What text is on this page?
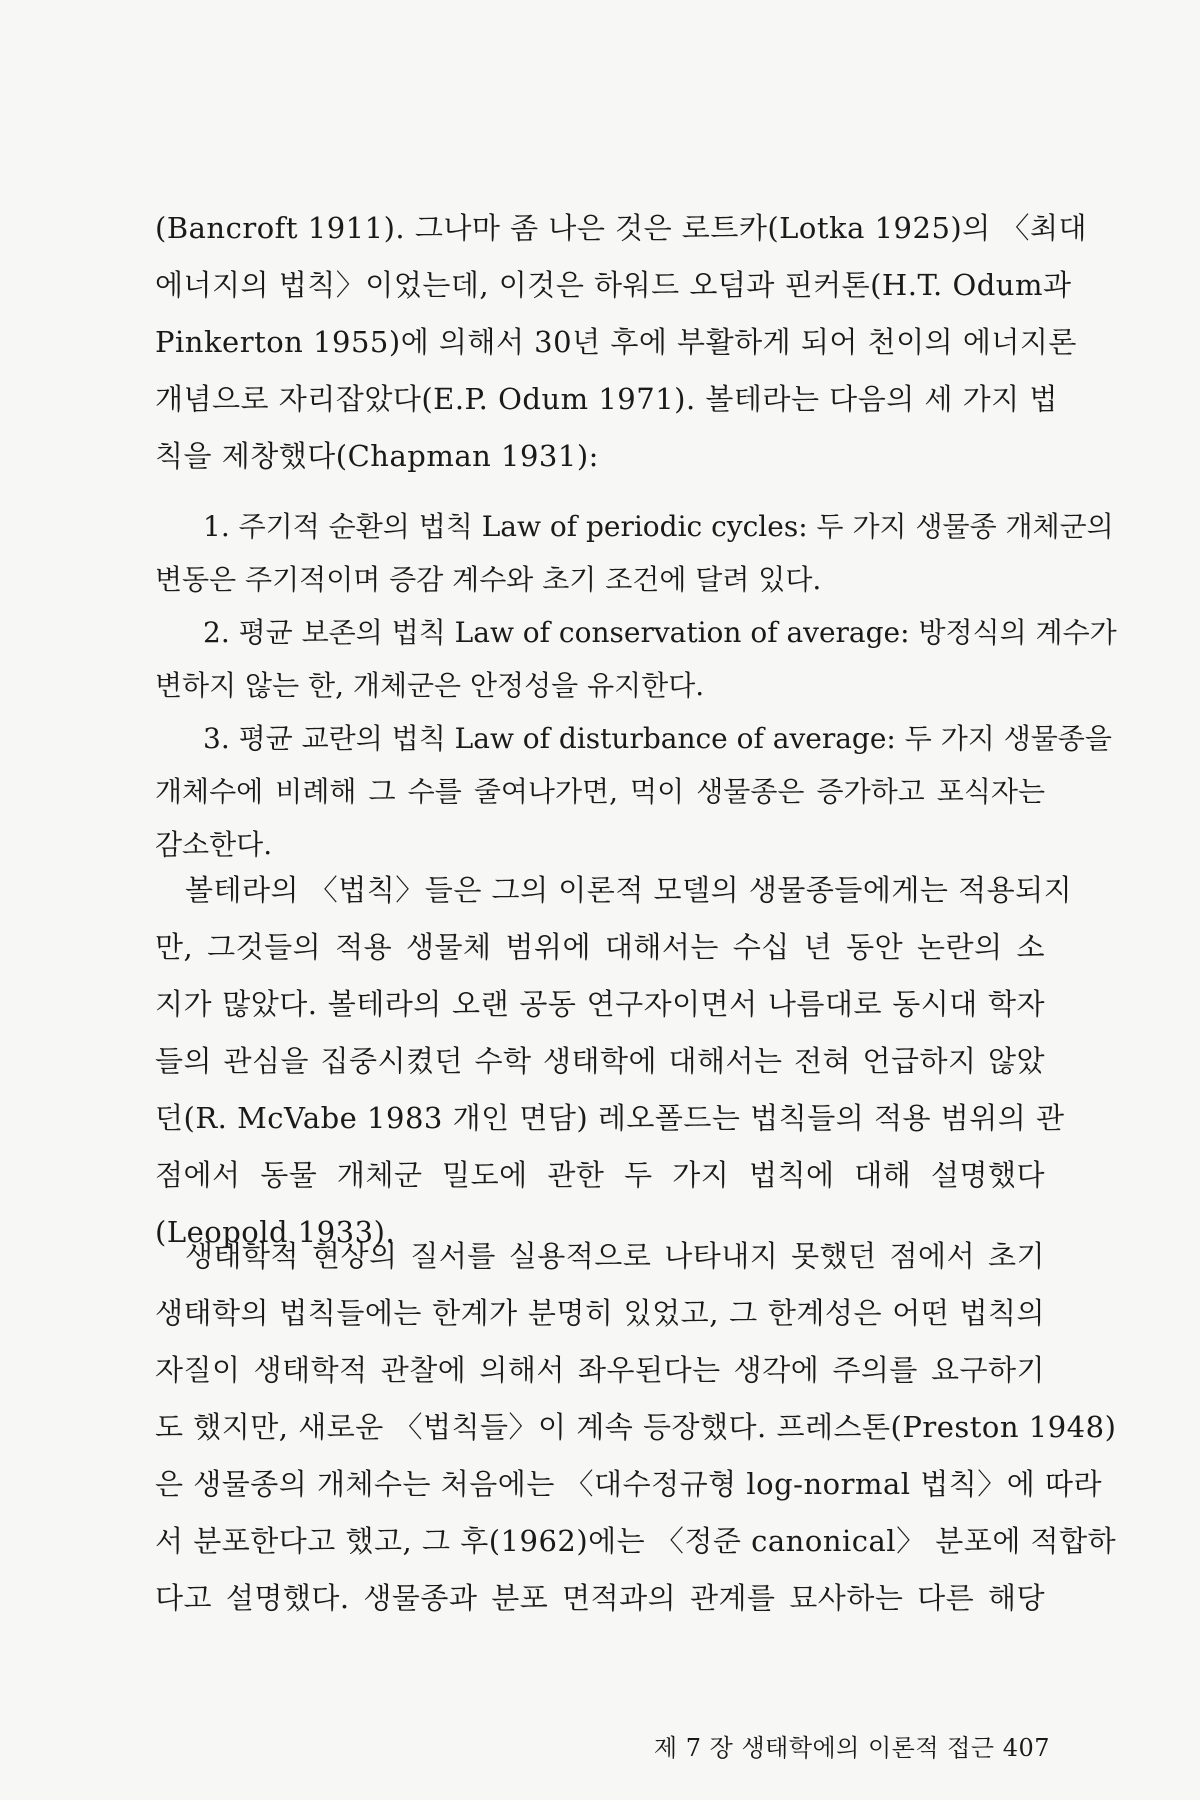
(Bancroft 1911). 그나마 좀 나은 것은 로트카(Lotka 1925)의 〈최대
에너지의 법칙〉이었는데, 이것은 하워드 오덤과 핀커톤(H.T. Odum과
Pinkerton 1955)에 의해서 30년 후에 부활하게 되어 천이의 에너지론
개념으로 자리잡았다(E.P. Odum 1971). 볼테라는 다음의 세 가지 법
칙을 제창했다(Chapman 1931):
1. 주기적 순환의 법칙 Law of periodic cycles: 두 가지 생물종 개체군의
변동은 주기적이며 증감 계수와 초기 조건에 달려 있다.
2. 평균 보존의 법칙 Law of conservation of average: 방정식의 계수가
변하지 않는 한, 개체군은 안정성을 유지한다.
3. 평균 교란의 법칙 Law of disturbance of average: 두 가지 생물종을
개체수에 비례해 그 수를 줄여나가면, 먹이 생물종은 증가하고 포식자는
감소한다.
볼테라의 〈법칙〉들은 그의 이론적 모델의 생물종들에게는 적용되지
만, 그것들의 적용 생물체 범위에 대해서는 수십 년 동안 논란의 소
지가 많았다. 볼테라의 오랜 공동 연구자이면서 나름대로 동시대 학자
들의 관심을 집중시켰던 수학 생태학에 대해서는 전혀 언급하지 않았
던(R. McVabe 1983 개인 면담) 레오폴드는 법칙들의 적용 범위의 관
점에서 동물 개체군 밀도에 관한 두 가지 법칙에 대해 설명했다
(Leopold 1933).
생태학적 현상의 질서를 실용적으로 나타내지 못했던 점에서 초기
생태학의 법칙들에는 한계가 분명히 있었고, 그 한계성은 어떤 법칙의
자질이 생태학적 관찰에 의해서 좌우된다는 생각에 주의를 요구하기
도 했지만, 새로운 〈법칙들〉이 계속 등장했다. 프레스톤(Preston 1948)
은 생물종의 개체수는 처음에는 〈대수정규형 log-normal 법칙〉에 따라
서 분포한다고 했고, 그 후(1962)에는 〈정준 canonical〉 분포에 적합하
다고 설명했다. 생물종과 분포 면적과의 관계를 묘사하는 다른 해당
제 7 장 생태학에의 이론적 접근 407
